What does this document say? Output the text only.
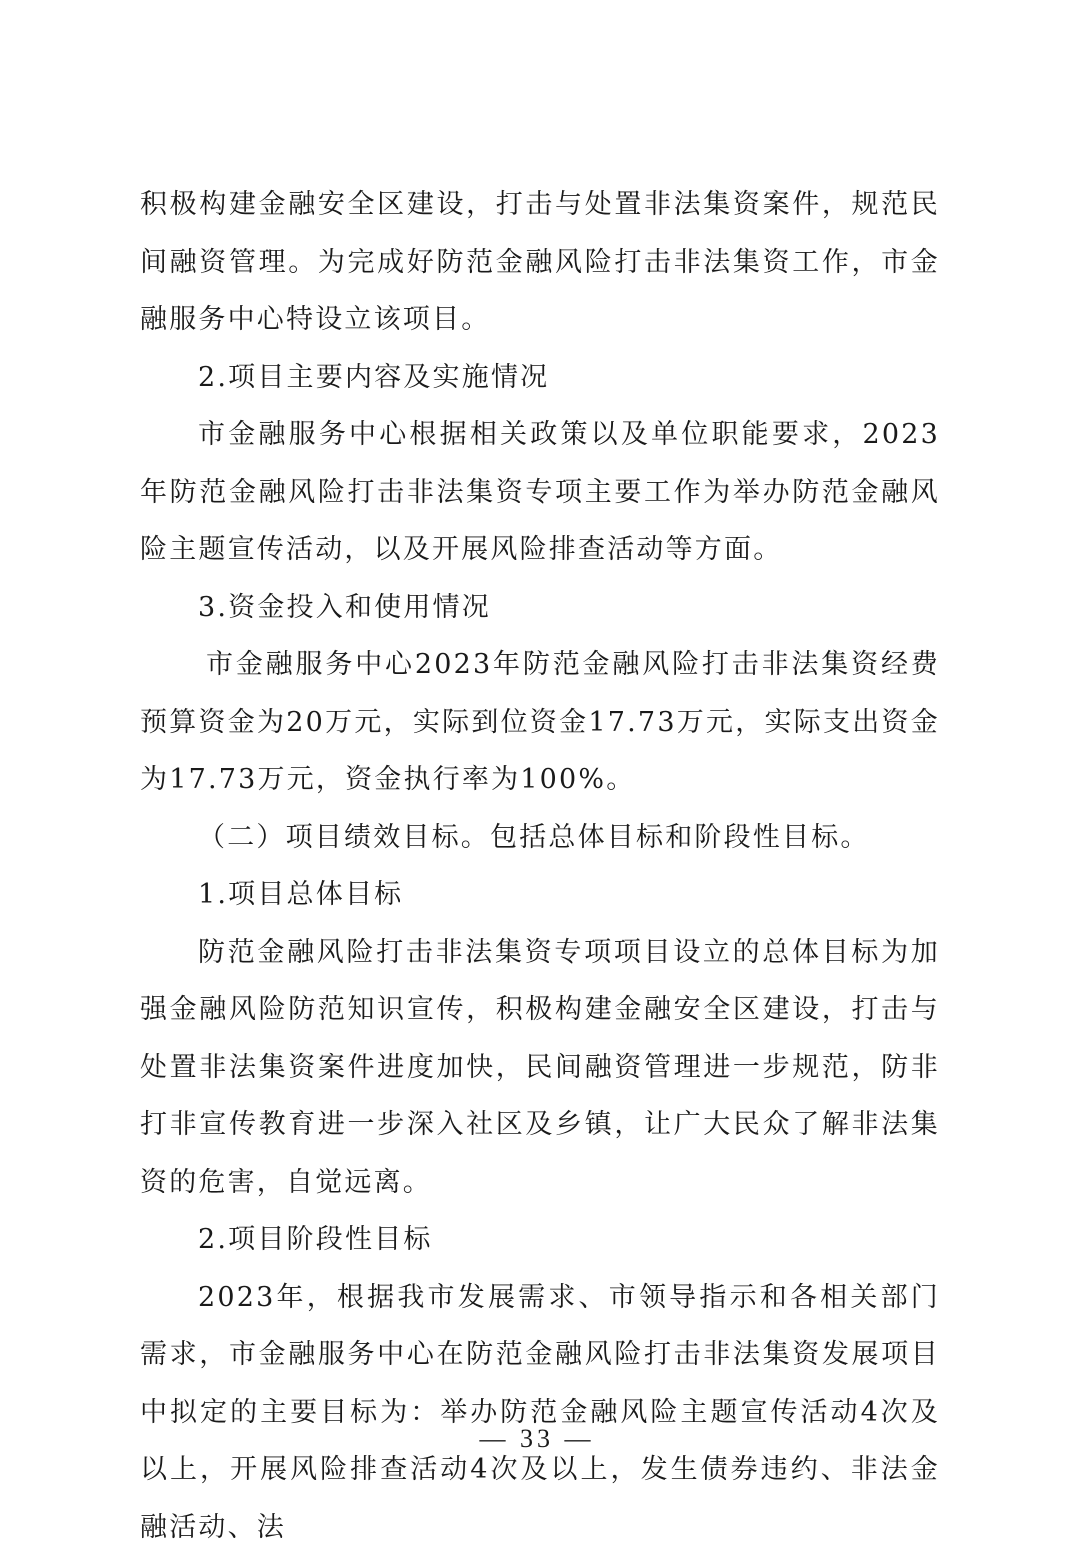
积极构建金融安全区建设，打击与处置非法集资案件，规范民间融资管理。为完成好防范金融风险打击非法集资工作，市金融服务中心特设立该项目。

2.项目主要内容及实施情况

市金融服务中心根据相关政策以及单位职能要求，2023年防范金融风险打击非法集资专项主要工作为举办防范金融风险主题宣传活动，以及开展风险排查活动等方面。

3.资金投入和使用情况

市金融服务中心2023年防范金融风险打击非法集资经费预算资金为20万元，实际到位资金17.73万元，实际支出资金为17.73万元，资金执行率为100%。

（二）项目绩效目标。包括总体目标和阶段性目标。

1.项目总体目标

防范金融风险打击非法集资专项项目设立的总体目标为加强金融风险防范知识宣传，积极构建金融安全区建设，打击与处置非法集资案件进度加快，民间融资管理进一步规范，防非打非宣传教育进一步深入社区及乡镇，让广大民众了解非法集资的危害，自觉远离。

2.项目阶段性目标

2023年，根据我市发展需求、市领导指示和各相关部门需求，市金融服务中心在防范金融风险打击非法集资发展项目中拟定的主要目标为：举办防范金融风险主题宣传活动4次及以上，开展风险排查活动4次及以上，发生债券违约、非法金融活动、法

— 33 —
